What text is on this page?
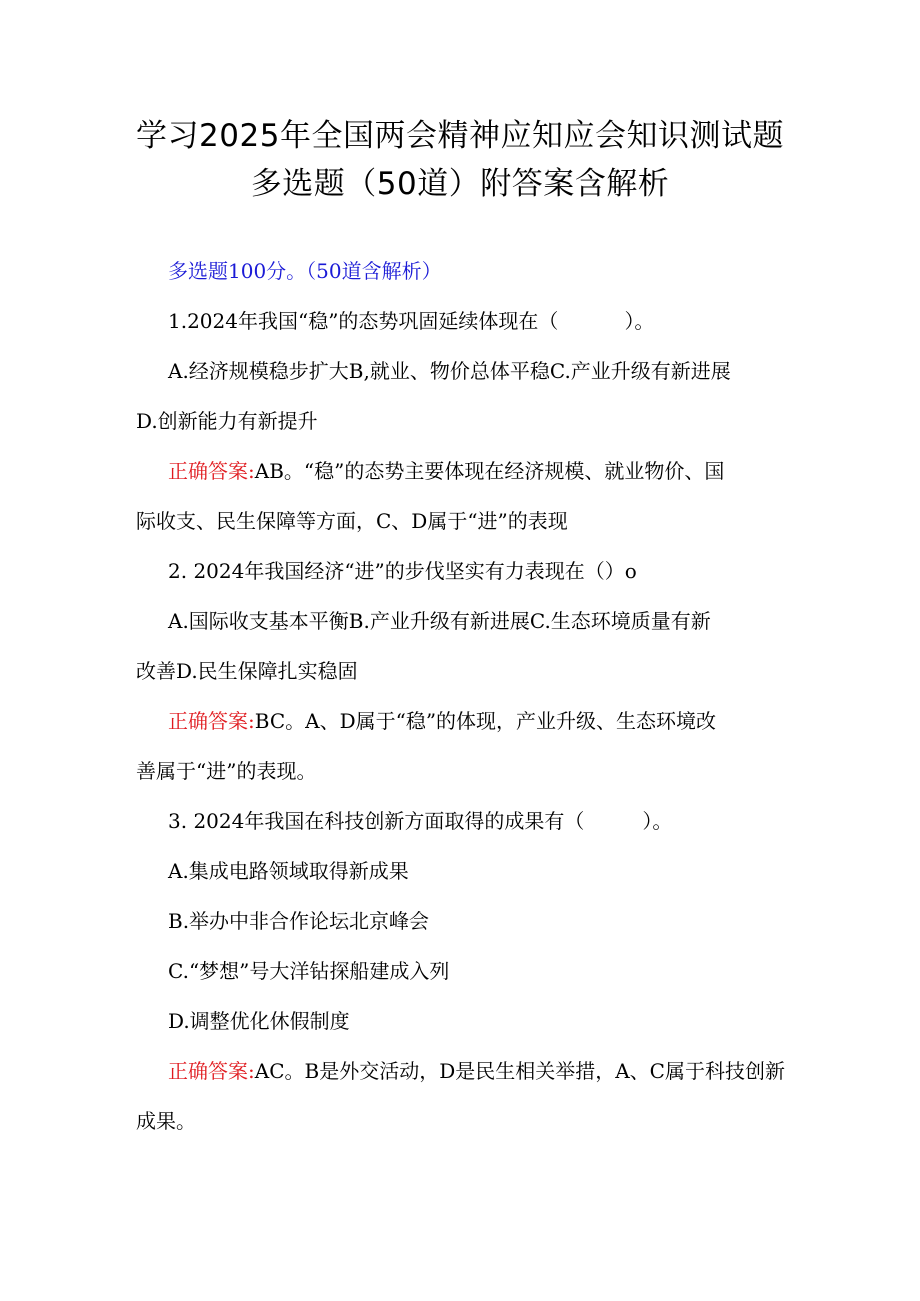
学习2025年全国两会精神应知应会知识测试题
多选题（50道）附答案含解析
多选题100分。（50道含解析）
1.2024年我国“稳”的态势巩固延续体现在（	）。
A.经济规模稳步扩大B,就业、物价总体平稳C.产业升级有新进展
D.创新能力有新提升
正确答案:AB。“稳”的态势主要体现在经济规模、就业物价、国
际收支、民生保障等方面，C、D属于“进”的表现
2. 2024年我国经济“进”的步伐坚实有力表现在（）o
A.国际收支基本平衡B.产业升级有新进展C.生态环境质量有新
改善D.民生保障扎实稳固
正确答案:BC。A、D属于“稳”的体现，产业升级、生态环境改
善属于“进”的表现。
3. 2024年我国在科技创新方面取得的成果有（	）。
A.集成电路领域取得新成果
B.举办中非合作论坛北京峰会
C.“梦想”号大洋钻探船建成入列
D.调整优化休假制度
正确答案:AC。B是外交活动，D是民生相关举措，A、C属于科技创新
成果。
